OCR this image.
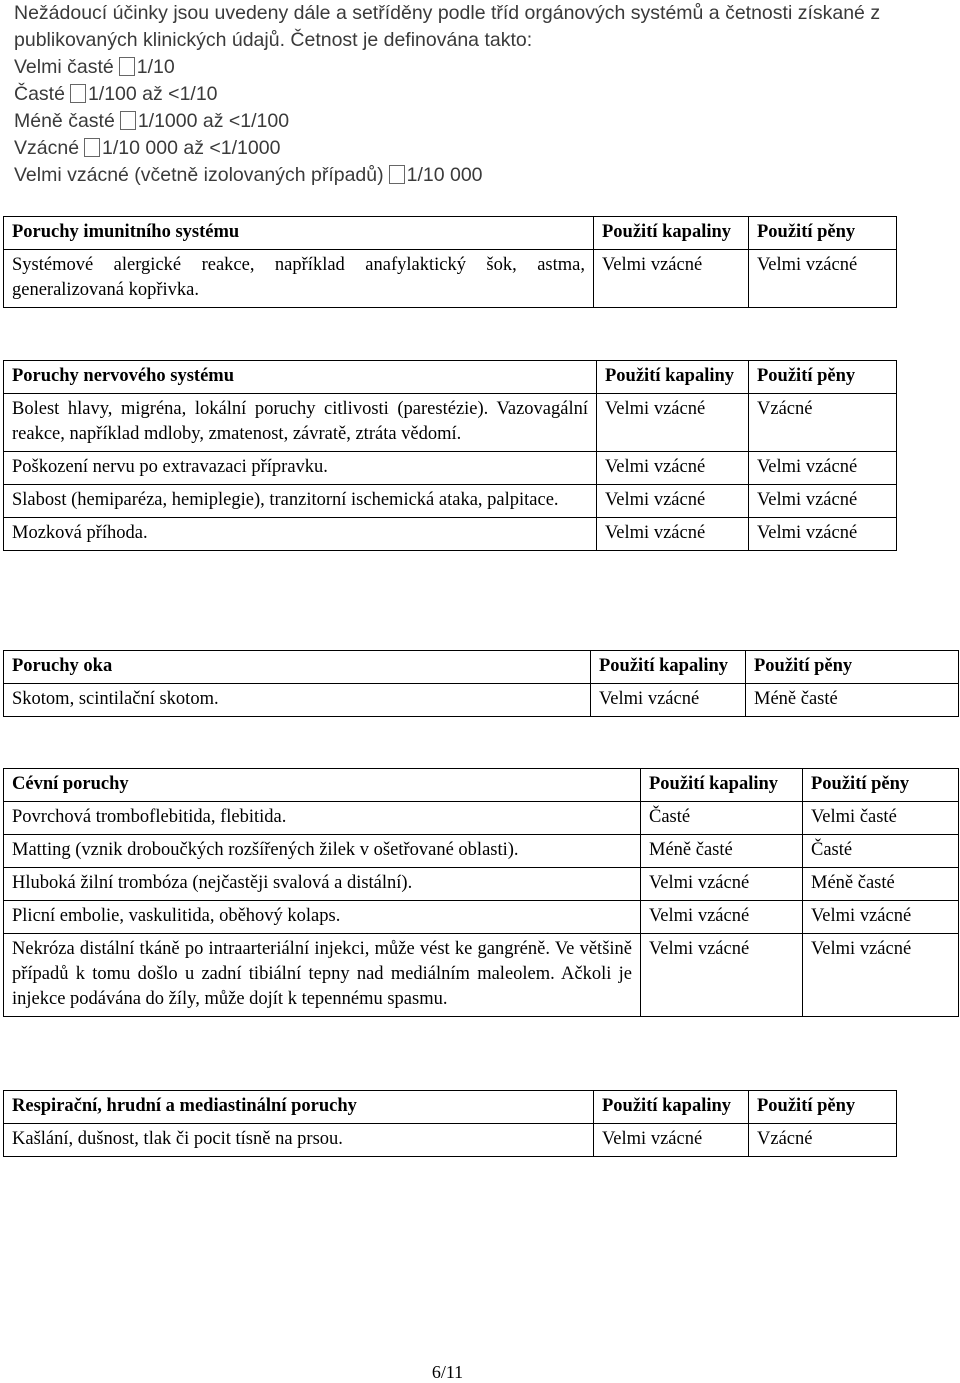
Nežádoucí účinky jsou uvedeny dále a setříděny podle tříd orgánových systémů a četnosti získané z publikovaných klinických údajů. Četnost je definována takto:

Velmi časté 1/10

Časté 1/100 až <1/10

Méně časté 1/1000 až <1/100

Vzácné 1/10 000 až <1/1000

Velmi vzácné (včetně izolovaných případů) 1/10 000

Poruchy imunitního systému	Použití kapaliny	Použití pěny
Systémové alergické reakce, například anafylaktický šok, astma, generalizovaná kopřivka.	Velmi vzácné	Velmi vzácné
Poruchy nervového systému	Použití kapaliny	Použití pěny
Bolest hlavy, migréna, lokální poruchy citlivosti (parestézie). Vazovagální reakce, například mdloby, zmatenost, závratě, ztráta vědomí.	Velmi vzácné	Vzácné
Poškození nervu po extravazaci přípravku.	Velmi vzácné	Velmi vzácné
Slabost (hemiparéza, hemiplegie), tranzitorní ischemická ataka, palpitace.	Velmi vzácné	Velmi vzácné
Mozková příhoda.	Velmi vzácné	Velmi vzácné
Poruchy oka	Použití kapaliny	Použití pěny
Skotom, scintilační skotom.	Velmi vzácné	Méně časté
Cévní poruchy	Použití kapaliny	Použití pěny
Povrchová tromboflebitida, flebitida.	Časté	Velmi časté
Matting (vznik droboučkých rozšířených žilek v ošetřované oblasti).	Méně časté	Časté
Hluboká žilní trombóza (nejčastěji svalová a distální).	Velmi vzácné	Méně časté
Plicní embolie, vaskulitida, oběhový kolaps.	Velmi vzácné	Velmi vzácné
Nekróza distální tkáně po intraarteriální injekci, může vést ke gangréně. Ve většině případů k tomu došlo u zadní tibiální tepny nad mediálním maleolem. Ačkoli je injekce podávána do žíly, může dojít k tepennému spasmu.	Velmi vzácné	Velmi vzácné
Respirační, hrudní a mediastinální poruchy	Použití kapaliny	Použití pěny
Kašlání, dušnost, tlak či pocit tísně na prsou.	Velmi vzácné	Vzácné
6/11
